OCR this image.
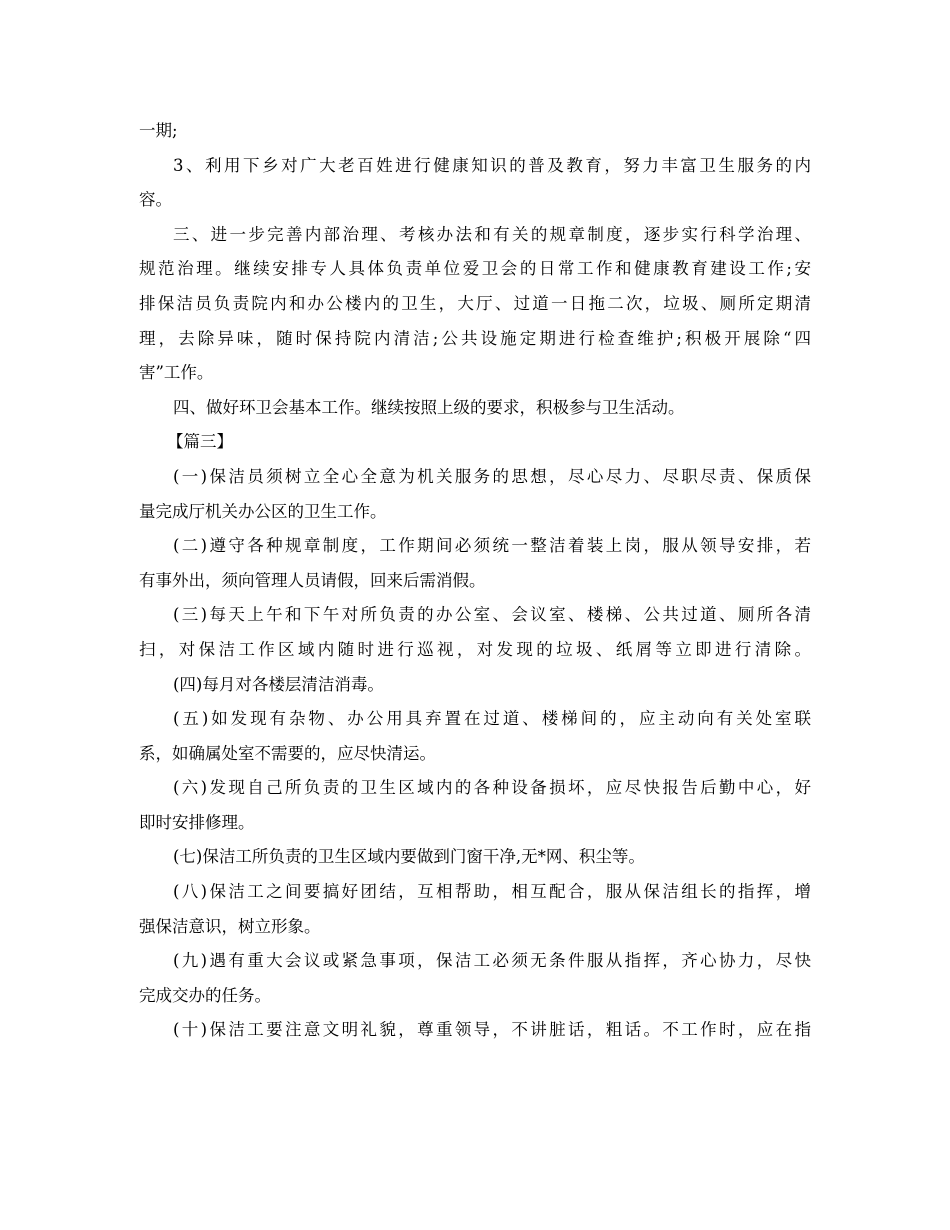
一期;
3、利用下乡对广大老百姓进行健康知识的普及教育，努力丰富卫生服务的内
容。
三、进一步完善内部治理、考核办法和有关的规章制度，逐步实行科学治理、
规范治理。继续安排专人具体负责单位爱卫会的日常工作和健康教育建设工作;安
排保洁员负责院内和办公楼内的卫生，大厅、过道一日拖二次，垃圾、厕所定期清
理，去除异味，随时保持院内清洁;公共设施定期进行检查维护;积极开展除“四
害”工作。
四、做好环卫会基本工作。继续按照上级的要求，积极参与卫生活动。
【篇三】
(一)保洁员须树立全心全意为机关服务的思想，尽心尽力、尽职尽责、保质保
量完成厅机关办公区的卫生工作。
(二)遵守各种规章制度，工作期间必须统一整洁着装上岗，服从领导安排，若
有事外出，须向管理人员请假，回来后需消假。
(三)每天上午和下午对所负责的办公室、会议室、楼梯、公共过道、厕所各清
扫，对保洁工作区域内随时进行巡视，对发现的垃圾、纸屑等立即进行清除。
(四)每月对各楼层清洁消毒。
(五)如发现有杂物、办公用具弃置在过道、楼梯间的，应主动向有关处室联
系，如确属处室不需要的，应尽快清运。
(六)发现自己所负责的卫生区域内的各种设备损坏，应尽快报告后勤中心，好
即时安排修理。
(七)保洁工所负责的卫生区域内要做到门窗干净,无*网、积尘等。
(八)保洁工之间要搞好团结，互相帮助，相互配合，服从保洁组长的指挥，增
强保洁意识，树立形象。
(九)遇有重大会议或紧急事项，保洁工必须无条件服从指挥，齐心协力，尽快
完成交办的任务。
(十)保洁工要注意文明礼貌，尊重领导，不讲脏话，粗话。不工作时，应在指
